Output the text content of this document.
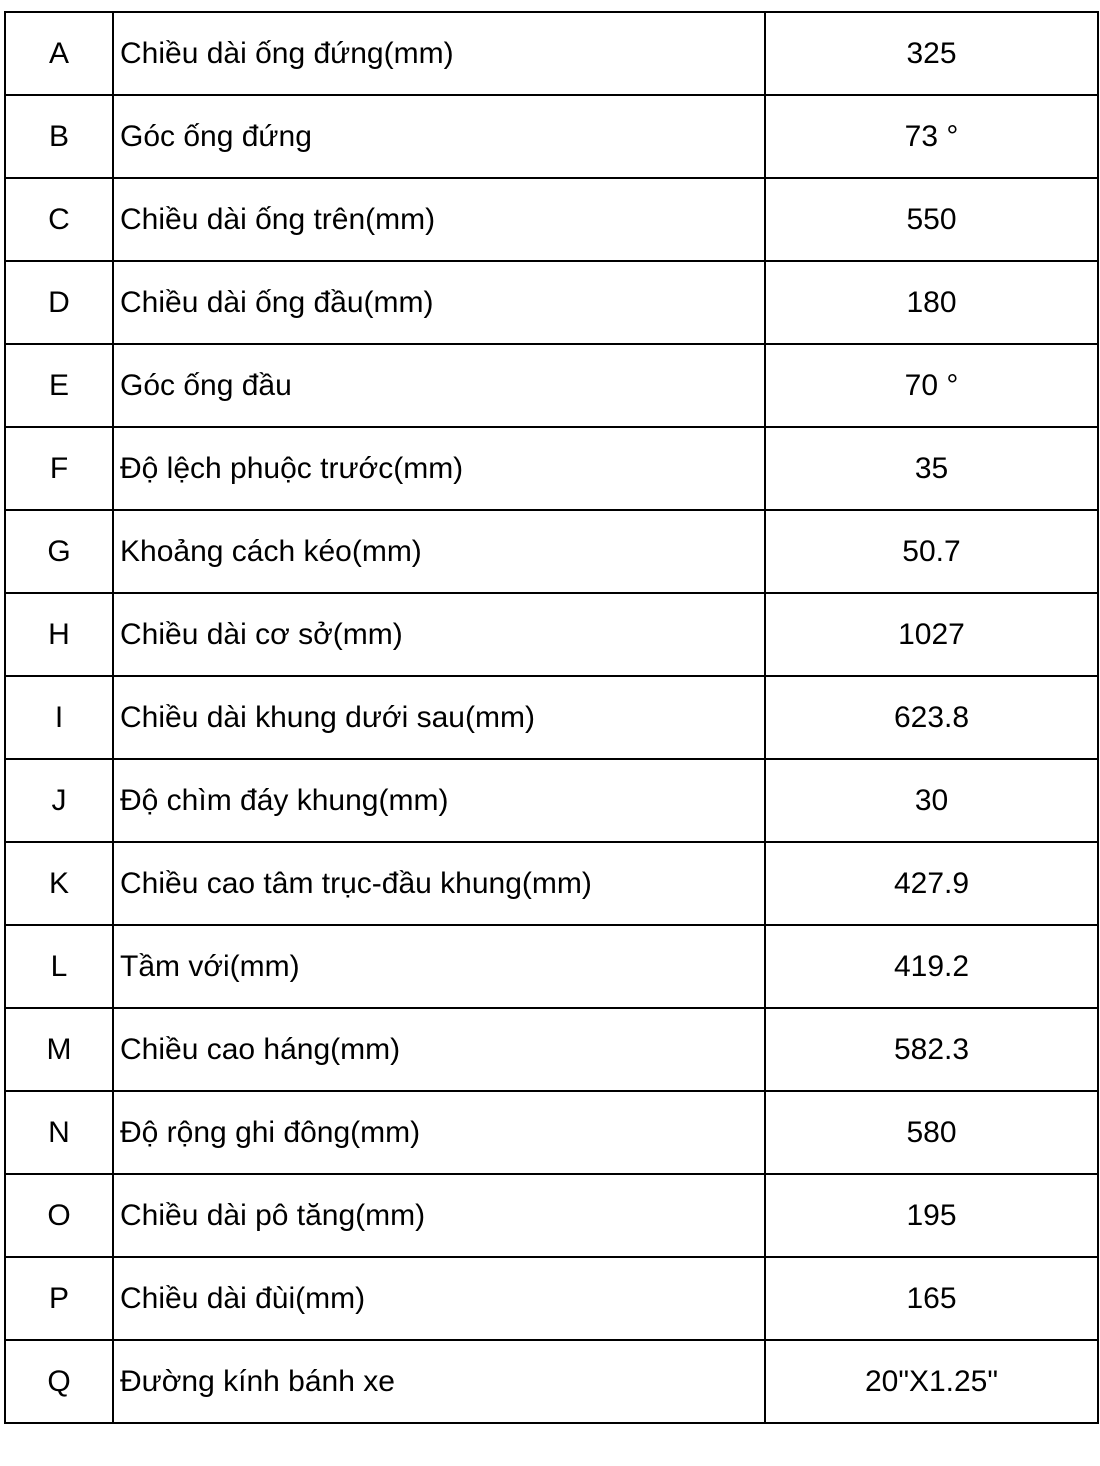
A	Chiều dài ống đứng(mm)	325
B	Góc ống đứng	73 °
C	Chiều dài ống trên(mm)	550
D	Chiều dài ống đầu(mm)	180
E	Góc ống đầu	70 °
F	Độ lệch phuộc trước(mm)	35
G	Khoảng cách kéo(mm)	50.7
H	Chiều dài cơ sở(mm)	1027
I	Chiều dài khung dưới sau(mm)	623.8
J	Độ chìm đáy khung(mm)	30
K	Chiều cao tâm trục-đầu khung(mm)	427.9
L	Tầm với(mm)	419.2
M	Chiều cao háng(mm)	582.3
N	Độ rộng ghi đông(mm)	580
O	Chiều dài pô tăng(mm)	195
P	Chiều dài đùi(mm)	165
Q	Đường kính bánh xe	20"X1.25"
